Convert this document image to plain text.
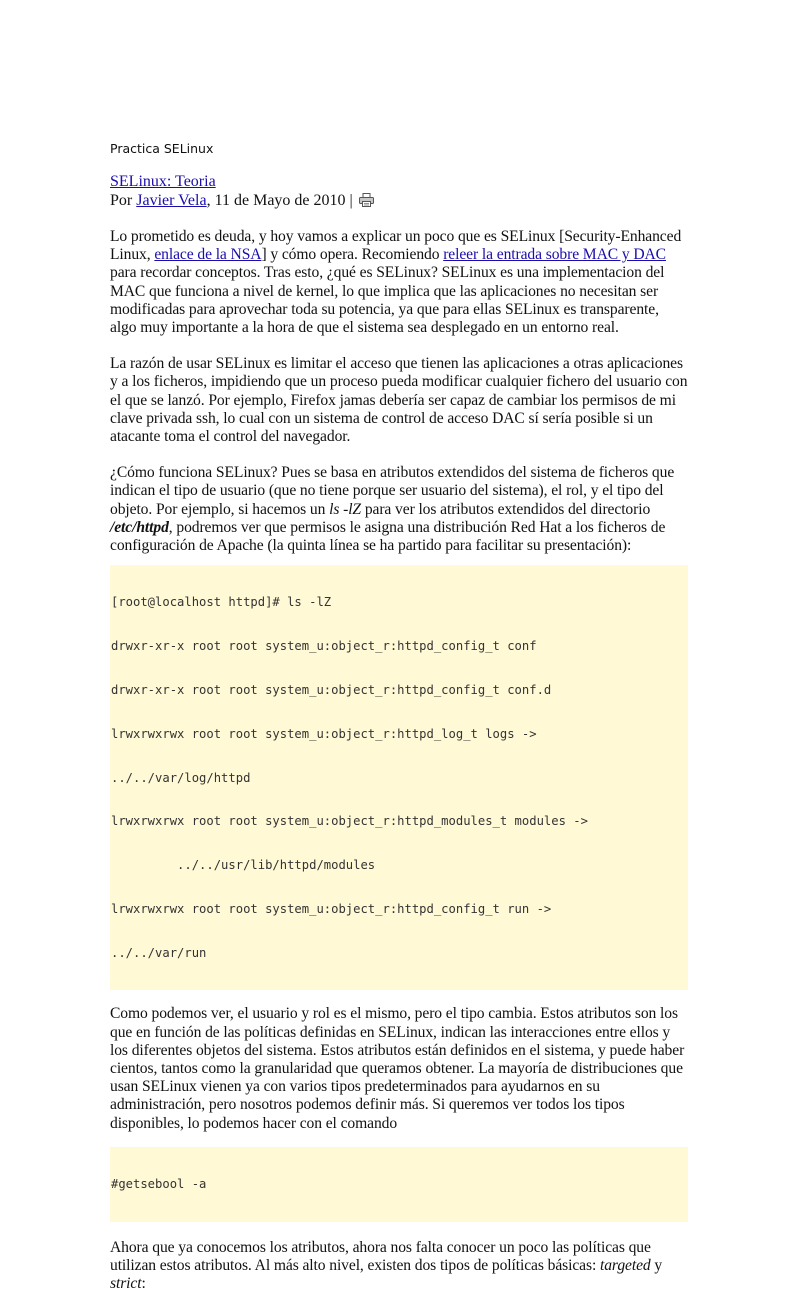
Practica SELinux
SELinux: Teoria
Por Javier Vela, 11 de Mayo de 2010 |

Lo prometido es deuda, y hoy vamos a explicar un poco que es SELinux [Security-Enhanced Linux, enlace de la NSA] y cómo opera. Recomiendo releer la entrada sobre MAC y DAC para recordar conceptos. Tras esto, ¿qué es SELinux? SELinux es una implementacion del MAC que funciona a nivel de kernel, lo que implica que las aplicaciones no necesitan ser modificadas para aprovechar toda su potencia, ya que para ellas SELinux es transparente, algo muy importante a la hora de que el sistema sea desplegado en un entorno real.

La razón de usar SELinux es limitar el acceso que tienen las aplicaciones a otras aplicaciones y a los ficheros, impidiendo que un proceso pueda modificar cualquier fichero del usuario con el que se lanzó. Por ejemplo, Firefox jamas debería ser capaz de cambiar los permisos de mi clave privada ssh, lo cual con un sistema de control de acceso DAC sí sería posible si un atacante toma el control del navegador.

¿Cómo funciona SELinux? Pues se basa en atributos extendidos del sistema de ficheros que indican el tipo de usuario (que no tiene porque ser usuario del sistema), el rol, y el tipo del objeto. Por ejemplo, si hacemos un ls -lZ para ver los atributos extendidos del directorio /etc/httpd, podremos ver que permisos le asigna una distribución Red Hat a los ficheros de configuración de Apache (la quinta línea se ha partido para facilitar su presentación):

[root@localhost httpd]# ls -lZ

drwxr-xr-x root root system_u:object_r:httpd_config_t conf

drwxr-xr-x root root system_u:object_r:httpd_config_t conf.d

lrwxrwxrwx root root system_u:object_r:httpd_log_t logs ->

../../var/log/httpd

lrwxrwxrwx root root system_u:object_r:httpd_modules_t modules ->

../../usr/lib/httpd/modules

lrwxrwxrwx root root system_u:object_r:httpd_config_t run ->

../../var/run

Como podemos ver, el usuario y rol es el mismo, pero el tipo cambia. Estos atributos son los que en función de las políticas definidas en SELinux, indican las interacciones entre ellos y los diferentes objetos del sistema. Estos atributos están definidos en el sistema, y puede haber cientos, tantos como la granularidad que queramos obtener. La mayoría de distribuciones que usan SELinux vienen ya con varios tipos predeterminados para ayudarnos en su administración, pero nosotros podemos definir más. Si queremos ver todos los tipos disponibles, lo podemos hacer con el comando

#getsebool -a

Ahora que ya conocemos los atributos, ahora nos falta conocer un poco las políticas que utilizan estos atributos. Al más alto nivel, existen dos tipos de políticas básicas: targeted y strict:
